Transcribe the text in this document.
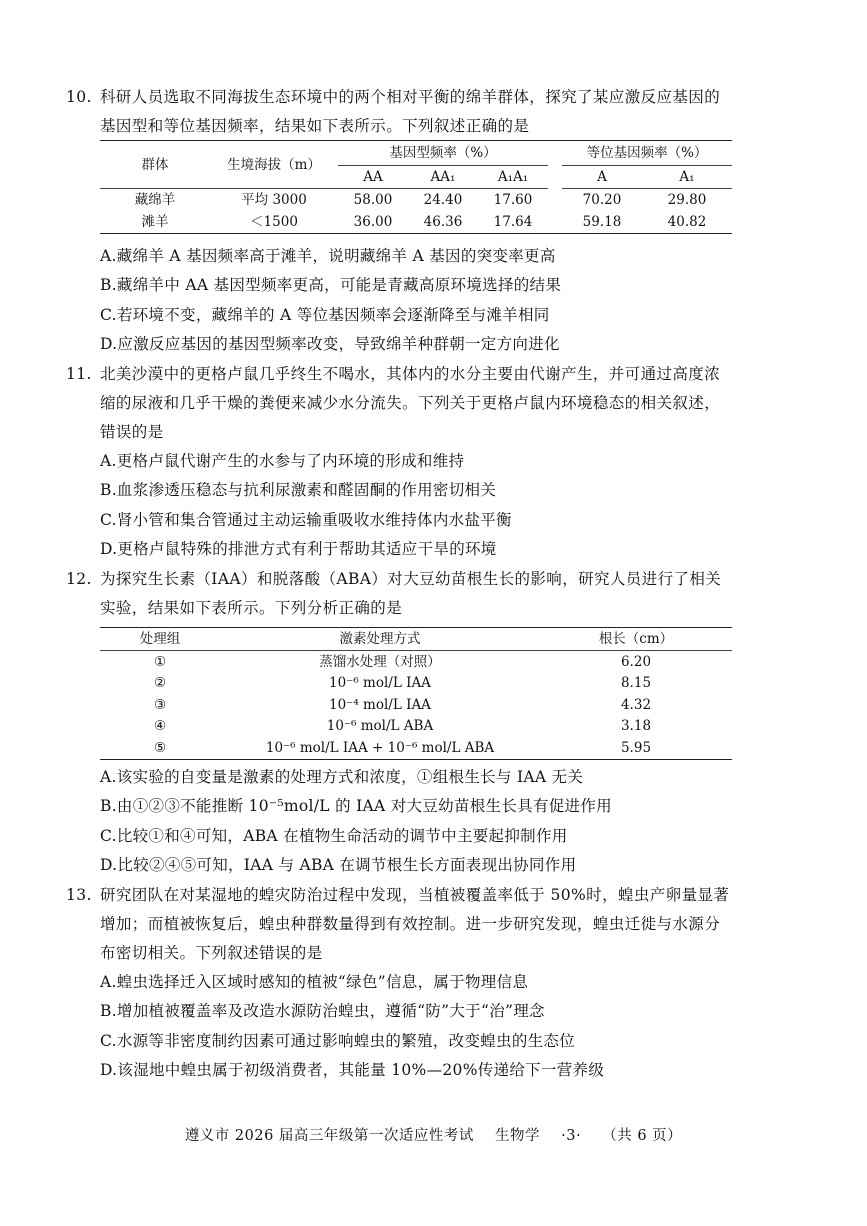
10. 科研人员选取不同海拔生态环境中的两个相对平衡的绵羊群体，探究了某应激反应基因的
基因型和等位基因频率，结果如下表所示。下列叙述正确的是
群体	生境海拔（m）	基因型频率（%）				等位基因频率（%）	
		AA	AA₁	A₁A₁		A	A₁
藏绵羊	平均 3000	58.00	24.40	17.60		70.20	29.80
滩羊	＜1500	36.00	46.36	17.64		59.18	40.82
A.藏绵羊 A 基因频率高于滩羊，说明藏绵羊 A 基因的突变率更高
B.藏绵羊中 AA 基因型频率更高，可能是青藏高原环境选择的结果
C.若环境不变，藏绵羊的 A 等位基因频率会逐渐降至与滩羊相同
D.应激反应基因的基因型频率改变，导致绵羊种群朝一定方向进化
11. 北美沙漠中的更格卢鼠几乎终生不喝水，其体内的水分主要由代谢产生，并可通过高度浓
缩的尿液和几乎干燥的粪便来减少水分流失。下列关于更格卢鼠内环境稳态的相关叙述，
错误的是
A.更格卢鼠代谢产生的水参与了内环境的形成和维持
B.血浆渗透压稳态与抗利尿激素和醛固酮的作用密切相关
C.肾小管和集合管通过主动运输重吸收水维持体内水盐平衡
D.更格卢鼠特殊的排泄方式有利于帮助其适应干旱的环境
12. 为探究生长素（IAA）和脱落酸（ABA）对大豆幼苗根生长的影响，研究人员进行了相关
实验，结果如下表所示。下列分析正确的是
处理组	激素处理方式	根长（cm）
①	蒸馏水处理（对照）	6.20
②	10⁻⁶ mol/L IAA	8.15
③	10⁻⁴ mol/L IAA	4.32
④	10⁻⁶ mol/L ABA	3.18
⑤	10⁻⁶ mol/L IAA + 10⁻⁶ mol/L ABA	5.95
A.该实验的自变量是激素的处理方式和浓度，①组根生长与 IAA 无关
B.由①②③不能推断 10⁻⁵mol/L 的 IAA 对大豆幼苗根生长具有促进作用
C.比较①和④可知，ABA 在植物生命活动的调节中主要起抑制作用
D.比较②④⑤可知，IAA 与 ABA 在调节根生长方面表现出协同作用
13. 研究团队在对某湿地的蝗灾防治过程中发现，当植被覆盖率低于 50%时，蝗虫产卵量显著
增加；而植被恢复后，蝗虫种群数量得到有效控制。进一步研究发现，蝗虫迁徙与水源分
布密切相关。下列叙述错误的是
A.蝗虫选择迁入区域时感知的植被“绿色”信息，属于物理信息
B.增加植被覆盖率及改造水源防治蝗虫，遵循“防”大于“治”理念
C.水源等非密度制约因素可通过影响蝗虫的繁殖，改变蝗虫的生态位
D.该湿地中蝗虫属于初级消费者，其能量 10%—20%传递给下一营养级
遵义市 2026 届高三年级第一次适应性考试 生物学 ·3· （共 6 页）
